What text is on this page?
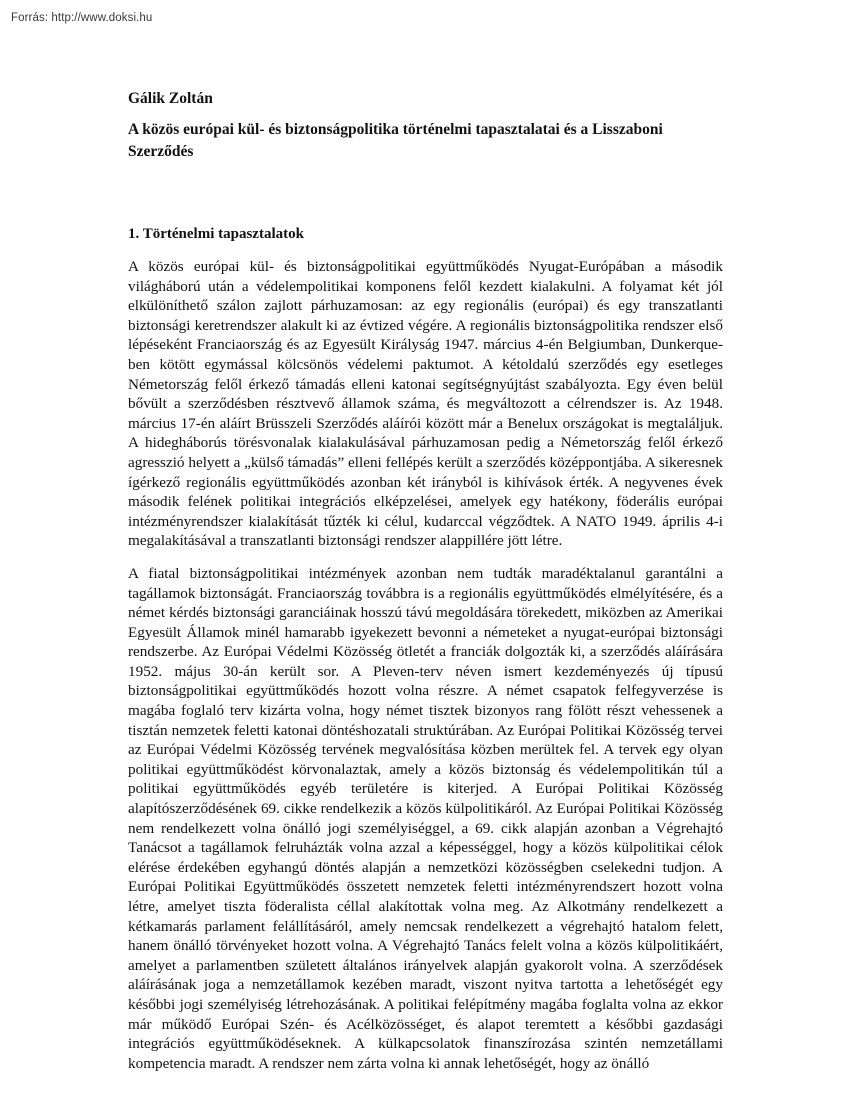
Forrás: http://www.doksi.hu

Gálik Zoltán

A közös európai kül- és biztonságpolitika történelmi tapasztalatai és a Lisszaboni Szerződés

1. Történelmi tapasztalatok

A közös európai kül- és biztonságpolitikai együttműködés Nyugat-Európában a második világháború után a védelempolitikai komponens felől kezdett kialakulni. A folyamat két jól elkülöníthető szálon zajlott párhuzamosan: az egy regionális (európai) és egy transzatlanti biztonsági keretrendszer alakult ki az évtized végére. A regionális biztonságpolitika rendszer első lépéseként Franciaország és az Egyesült Királyság 1947. március 4-én Belgiumban, Dunkerque-ben kötött egymással kölcsönös védelemi paktumot. A kétoldalú szerződés egy esetleges Németország felől érkező támadás elleni katonai segítségnyújtást szabályozta. Egy éven belül bővült a szerződésben résztvevő államok száma, és megváltozott a célrendszer is. Az 1948. március 17-én aláírt Brüsszeli Szerződés aláírói között már a Benelux országokat is megtaláljuk. A hidegháborús törésvonalak kialakulásával párhuzamosan pedig a Németország felől érkező agresszió helyett a „külső támadás” elleni fellépés került a szerződés középpontjába. A sikeresnek ígérkező regionális együttműködés azonban két irányból is kihívások érték. A negyvenes évek második felének politikai integrációs elképzelései, amelyek egy hatékony, föderális európai intézményrendszer kialakítását tűzték ki célul, kudarccal végződtek. A NATO 1949. április 4-i megalakításával a transzatlanti biztonsági rendszer alappillére jött létre.

A fiatal biztonságpolitikai intézmények azonban nem tudták maradéktalanul garantálni a tagállamok biztonságát. Franciaország továbbra is a regionális együttműködés elmélyítésére, és a német kérdés biztonsági garanciáinak hosszú távú megoldására törekedett, miközben az Amerikai Egyesült Államok minél hamarabb igyekezett bevonni a németeket a nyugat-európai biztonsági rendszerbe. Az Európai Védelmi Közösség ötletét a franciák dolgozták ki, a szerződés aláírására 1952. május 30-án került sor. A Pleven-terv néven ismert kezdeményezés új típusú biztonságpolitikai együttműködés hozott volna részre. A német csapatok felfegyverzése is magába foglaló terv kizárta volna, hogy német tisztek bizonyos rang fölött részt vehessenek a tisztán nemzetek feletti katonai döntéshozatali struktúrában. Az Európai Politikai Közösség tervei az Európai Védelmi Közösség tervének megvalósítása közben merültek fel. A tervek egy olyan politikai együttműködést körvonalaztak, amely a közös biztonság és védelempolitikán túl a politikai együttműködés egyéb területére is kiterjed. A Európai Politikai Közösség alapítószerződésének 69. cikke rendelkezik a közös külpolitikáról. Az Európai Politikai Közösség nem rendelkezett volna önálló jogi személyiséggel, a 69. cikk alapján azonban a Végrehajtó Tanácsot a tagállamok felruházták volna azzal a képességgel, hogy a közös külpolitikai célok elérése érdekében egyhangú döntés alapján a nemzetközi közösségben cselekedni tudjon. A Európai Politikai Együttműködés összetett nemzetek feletti intézményrendszert hozott volna létre, amelyet tiszta föderalista céllal alakítottak volna meg. Az Alkotmány rendelkezett a kétkamarás parlament felállításáról, amely nemcsak rendelkezett a végrehajtó hatalom felett, hanem önálló törvényeket hozott volna. A Végrehajtó Tanács felelt volna a közös külpolitikáért, amelyet a parlamentben született általános irányelvek alapján gyakorolt volna. A szerződések aláírásának joga a nemzetállamok kezében maradt, viszont nyitva tartotta a lehetőségét egy későbbi jogi személyiség létrehozásának. A politikai felépítmény magába foglalta volna az ekkor már működő Európai Szén- és Acélközösséget, és alapot teremtett a későbbi gazdasági integrációs együttműködéseknek. A külkapcsolatok finanszírozása szintén nemzetállami kompetencia maradt. A rendszer nem zárta volna ki annak lehetőségét, hogy az önálló
